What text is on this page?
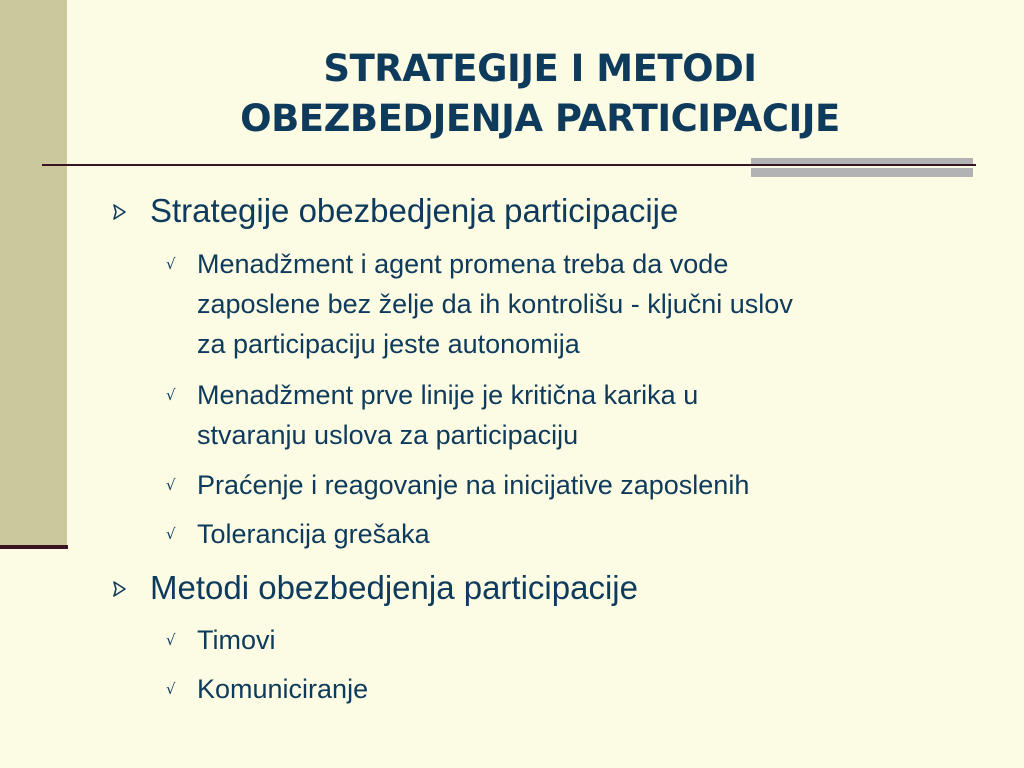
STRATEGIJE I METODI
OBEZBEDJENJA PARTICIPACIJE
Strategije obezbedjenja participacije
√ Menadžment i agent promena treba da vode
zaposlene bez želje da ih kontrolišu - ključni uslov
za participaciju jeste autonomija
√ Menadžment prve linije je kritična karika u
stvaranju uslova za participaciju
√ Praćenje i reagovanje na inicijative zaposlenih
√ Tolerancija grešaka
Metodi obezbedjenja participacije
√ Timovi
√ Komuniciranje
